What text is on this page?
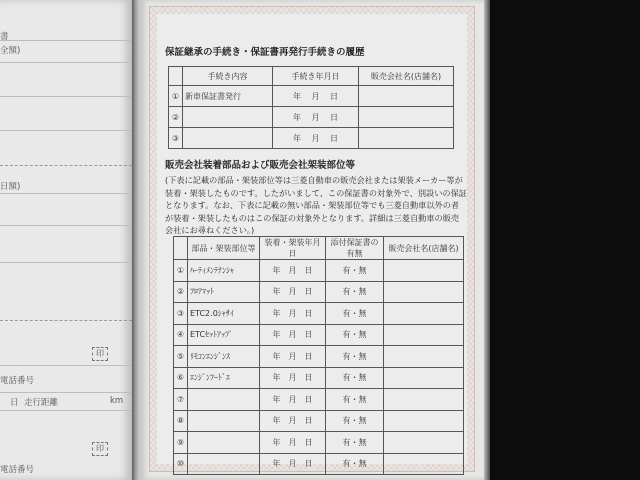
書
全額)
日額)
印
電話番号
日 走行距離	km
印
電話番号
保証継承の手続き・保証書再発行手続きの履歴
	手続き内容	手続き年月日	販売会社名(店舗名)
①	新車保証書発行	年　 月　 日	
②		年　 月　 日	
③		年　 月　 日	
販売会社装着部品および販売会社架装部位等
(下表に記載の部品・架装部位等は三菱自動車の販売会社または架装メーカー等が装着・架装したものです。したがいまして、この保証書の対象外で、別設いの保証となります。なお、下表に記載の無い部品・架装部位等でも三菱自動車以外の者が装着・架装したものはこの保証の対象外となります。詳細は三菱自動車の販売会社にお尋ねください。)
	部品・架装部位等	装着・架装年月日	添付保証書の有無	販売会社名(店舗名)
①	ﾊｰﾃｨﾒﾝﾃﾅﾝｼｬ	年　月　日	有・無	
②	ﾌﾛｱﾏｯﾄ	年　月　日	有・無	
③	ETC2.0ｼｬｻｲ	年　月　日	有・無	
④	ETCｾｯﾄｱｯﾌﾟ	年　月　日	有・無	
⑤	ﾘﾓｺﾝｴﾝｼﾞﾝｽ	年　月　日	有・無	
⑥	ｴﾝｼﾞﾝﾌｰﾄﾞｴ	年　月　日	有・無	
⑦		年　月　日	有・無	
⑧		年　月　日	有・無	
⑨		年　月　日	有・無	
⑩		年　月　日	有・無	
